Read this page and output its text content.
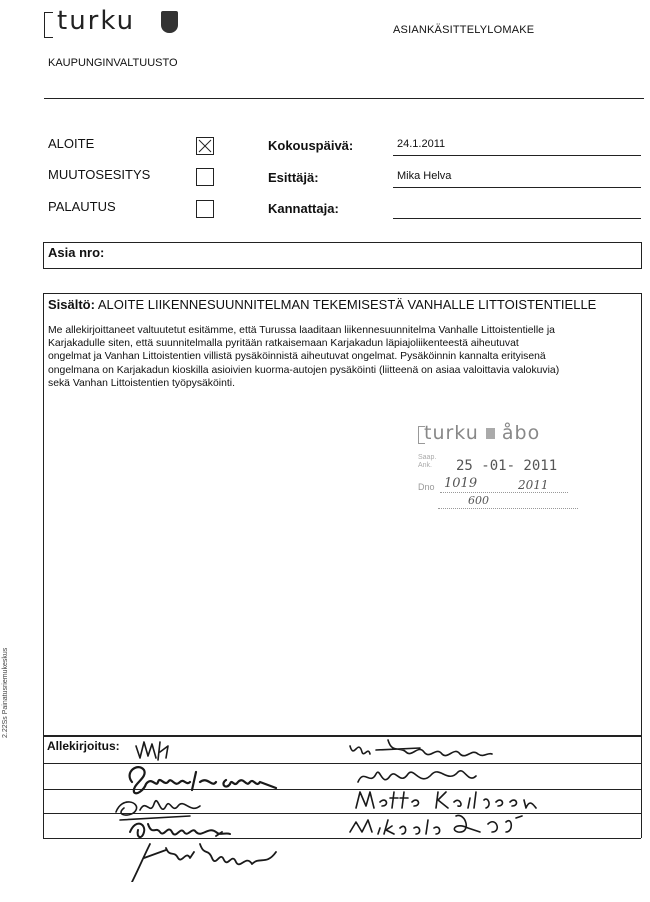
turku	ASIANKÄSITTELYLOMAKE
KAUPUNGINVALTUUSTO
ALOITE
MUUTOSESITYS
PALAUTUS
Kokouspäivä:	24.1.2011
Esittäjä:	Mika Helva
Kannattaja:
Asia nro:
Sisältö: ALOITE LIIKENNESUUNNITELMAN TEKEMISESTÄ VANHALLE LITTOISTENTIELLE
Me allekirjoittaneet valtuutetut esitämme, että Turussa laaditaan liikennesuunnitelma Vanhalle Littoistentielle ja
Karjakadulle siten, että suunnitelmalla pyritään ratkaisemaan Karjakadun läpiajoliikenteestä aiheutuvat
ongelmat ja Vanhan Littoistentien villistä pysäköinnistä aiheutuvat ongelmat. Pysäköinnin kannalta erityisenä
ongelmana on Karjakadun kioskilla asioivien kuorma-autojen pysäköinti (liitteenä on asiaa valoittavia valokuvia)
sekä Vanhan Littoistentien työpysäköinti.
turku åbo
Saap.
Ank. 25 -01- 2011
Dno 1019	2011
600
Allekirjoitus:
2.22Ss Painatusriemukeskus
